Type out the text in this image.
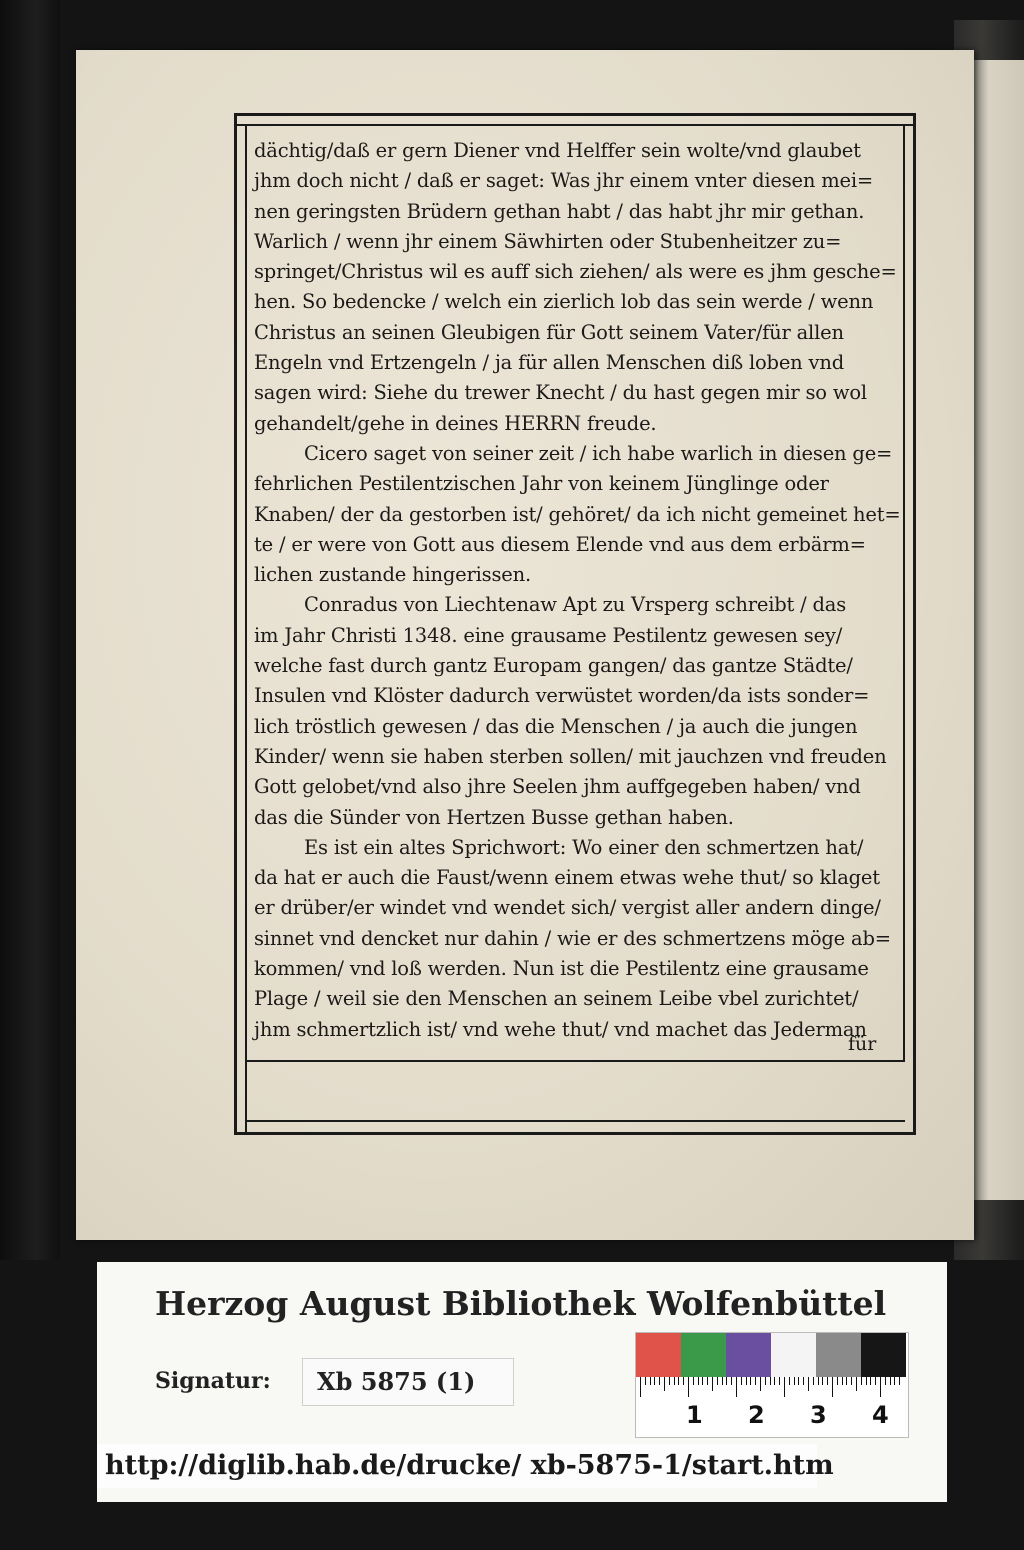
dächtig/daß er gern Diener vnd Helffer sein wolte/vnd glaubet
jhm doch nicht / daß er saget: Was jhr einem vnter diesen mei=
nen geringsten Brüdern gethan habt / das habt jhr mir gethan.
Warlich / wenn jhr einem Säwhirten oder Stubenheitzer zu=
springet/Christus wil es auff sich ziehen/ als were es jhm geschе=
hen. So bedencke / welch ein zierlich lob das sein werde / wenn
Christus an seinen Gleubigen für Gott seinem Vater/für allen
Engeln vnd Ertzengeln / ja für allen Menschen diß loben vnd
sagen wird: Siehe du trewer Knecht / du hast gegen mir so wol
gehandelt/gehe in deines HERRN freude.
Cicero saget von seiner zeit / ich habe warlich in diesen ge=
fehrlichen Pestilentzischen Jahr von keinem Jünglinge oder
Knaben/ der da gestorben ist/ gehöret/ da ich nicht gemeinet het=
te / er were von Gott aus diesem Elende vnd aus dem erbärm=
lichen zustande hingerissen.
Conradus von Liechtenaw Apt zu Vrsperg schreibt / das
im Jahr Christi 1348. eine grausame Pestilentz gewesen sey/
welche fast durch gantz Europam gangen/ das gantze Städte/
Insulen vnd Klöster dadurch verwüstet worden/da ists sonder=
lich tröstlich gewesen / das die Menschen / ja auch die jungen
Kinder/ wenn sie haben sterben sollen/ mit jauchzen vnd freuden
Gott gelobet/vnd also jhre Seelen jhm auffgegeben haben/ vnd
das die Sünder von Hertzen Busse gethan haben.
Es ist ein altes Sprichwort: Wo einer den schmertzen hat/
da hat er auch die Faust/wenn einem etwas wehe thut/ so klaget
er drüber/er windet vnd wendet sich/ vergist aller andern dinge/
sinnet vnd dencket nur dahin / wie er des schmertzens möge ab=
kommen/ vnd loß werden. Nun ist die Pestilentz eine grausame
Plage / weil sie den Menschen an seinem Leibe vbel zurichtet/
jhm schmertzlich ist/ vnd wehe thut/ vnd machet das Jederman
für
Herzog August Bibliothek Wolfenbüttel
Signatur: Xb 5875 (1)
1 2 3 4
http://diglib.hab.de/drucke/ xb-5875-1/start.htm
